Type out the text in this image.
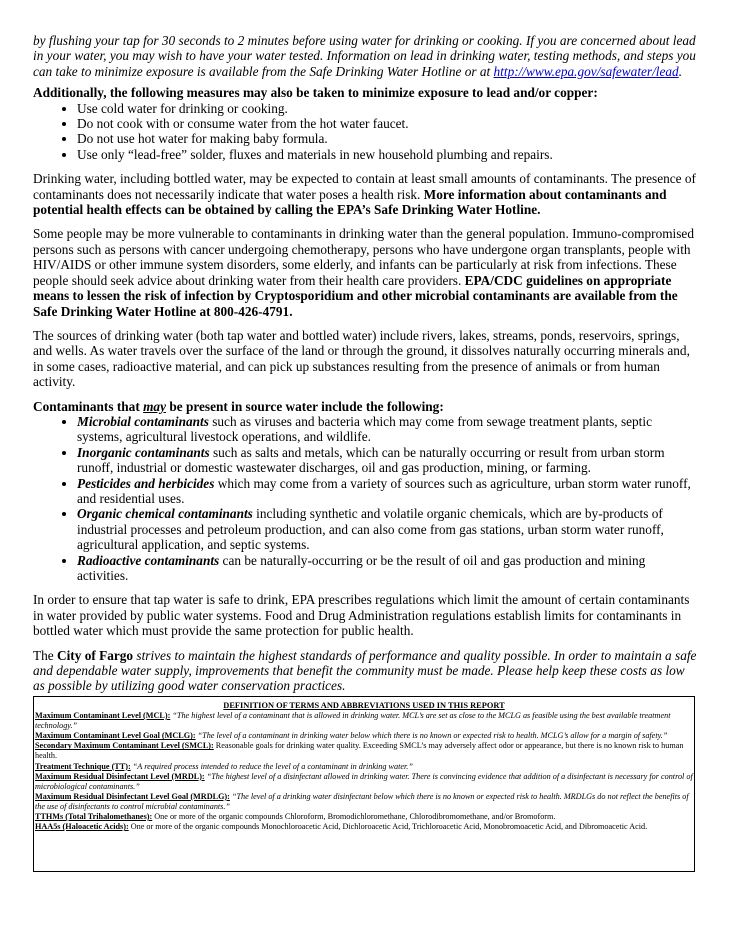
by flushing your tap for 30 seconds to 2 minutes before using water for drinking or cooking. If you are concerned about lead in your water, you may wish to have your water tested. Information on lead in drinking water, testing methods, and steps you can take to minimize exposure is available from the Safe Drinking Water Hotline or at http://www.epa.gov/safewater/lead.

Additionally, the following measures may also be taken to minimize exposure to lead and/or copper:

• Use cold water for drinking or cooking.
• Do not cook with or consume water from the hot water faucet.
• Do not use hot water for making baby formula.
• Use only “lead-free” solder, fluxes and materials in new household plumbing and repairs.

Drinking water, including bottled water, may be expected to contain at least small amounts of contaminants. The presence of contaminants does not necessarily indicate that water poses a health risk. More information about contaminants and potential health effects can be obtained by calling the EPA’s Safe Drinking Water Hotline.

Some people may be more vulnerable to contaminants in drinking water than the general population. Immuno-compromised persons such as persons with cancer undergoing chemotherapy, persons who have undergone organ transplants, people with HIV/AIDS or other immune system disorders, some elderly, and infants can be particularly at risk from infections. These people should seek advice about drinking water from their health care providers. EPA/CDC guidelines on appropriate means to lessen the risk of infection by Cryptosporidium and other microbial contaminants are available from the Safe Drinking Water Hotline at 800-426-4791.

The sources of drinking water (both tap water and bottled water) include rivers, lakes, streams, ponds, reservoirs, springs, and wells. As water travels over the surface of the land or through the ground, it dissolves naturally occurring minerals and, in some cases, radioactive material, and can pick up substances resulting from the presence of animals or from human activity.

Contaminants that may be present in source water include the following:

• Microbial contaminants such as viruses and bacteria which may come from sewage treatment plants, septic systems, agricultural livestock operations, and wildlife.
• Inorganic contaminants such as salts and metals, which can be naturally occurring or result from urban storm runoff, industrial or domestic wastewater discharges, oil and gas production, mining, or farming.
• Pesticides and herbicides which may come from a variety of sources such as agriculture, urban storm water runoff, and residential uses.
• Organic chemical contaminants including synthetic and volatile organic chemicals, which are by-products of industrial processes and petroleum production, and can also come from gas stations, urban storm water runoff, agricultural application, and septic systems.
• Radioactive contaminants can be naturally-occurring or be the result of oil and gas production and mining activities.

In order to ensure that tap water is safe to drink, EPA prescribes regulations which limit the amount of certain contaminants in water provided by public water systems. Food and Drug Administration regulations establish limits for contaminants in bottled water which must provide the same protection for public health.

The City of Fargo strives to maintain the highest standards of performance and quality possible. In order to maintain a safe and dependable water supply, improvements that benefit the community must be made. Please help keep these costs as low as possible by utilizing good water conservation practices.

DEFINITION OF TERMS AND ABBREVIATIONS USED IN THIS REPORT
Maximum Contaminant Level (MCL): “The highest level of a contaminant that is allowed in drinking water. MCL’s are set as close to the MCLG as feasible using the best available treatment technology.”
Maximum Contaminant Level Goal (MCLG): “The level of a contaminant in drinking water below which there is no known or expected risk to health. MCLG’s allow for a margin of safety.”
Secondary Maximum Contaminant Level (SMCL): Reasonable goals for drinking water quality. Exceeding SMCL’s may adversely affect odor or appearance, but there is no known risk to human health.
Treatment Technique (TT): “A required process intended to reduce the level of a contaminant in drinking water.”
Maximum Residual Disinfectant Level (MRDL): “The highest level of a disinfectant allowed in drinking water. There is convincing evidence that addition of a disinfectant is necessary for control of microbiological contaminants.”
Maximum Residual Disinfectant Level Goal (MRDLG): “The level of a drinking water disinfectant below which there is no known or expected risk to health. MRDLGs do not reflect the benefits of the use of disinfectants to control microbial contaminants.”
TTHMs (Total Trihalomethanes): One or more of the organic compounds Chloroform, Bromodichloromethane, Chlorodibromomethane, and/or Bromoform.
HAA5s (Haloacetic Acids): One or more of the organic compounds Monochloroacetic Acid, Dichloroacetic Acid, Trichloroacetic Acid, Monobromoacetic Acid, and Dibromoacetic Acid.
